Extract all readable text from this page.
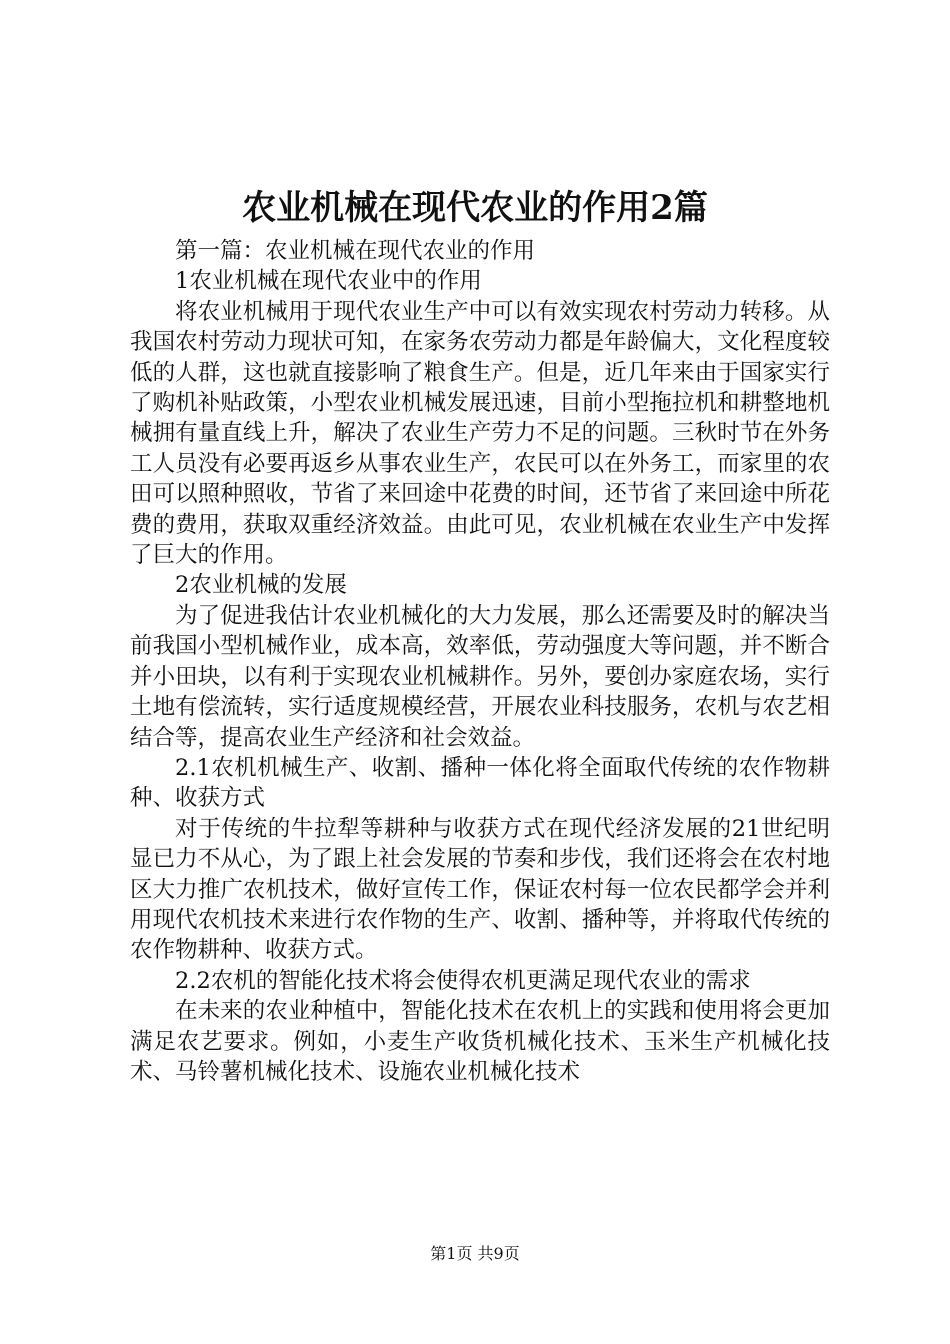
农业机械在现代农业的作用2篇

第一篇：农业机械在现代农业的作用

1农业机械在现代农业中的作用

将农业机械用于现代农业生产中可以有效实现农村劳动力转移。从我国农村劳动力现状可知，在家务农劳动力都是年龄偏大，文化程度较低的人群，这也就直接影响了粮食生产。但是，近几年来由于国家实行了购机补贴政策，小型农业机械发展迅速，目前小型拖拉机和耕整地机械拥有量直线上升，解决了农业生产劳力不足的问题。三秋时节在外务工人员没有必要再返乡从事农业生产，农民可以在外务工，而家里的农田可以照种照收，节省了来回途中花费的时间，还节省了来回途中所花费的费用，获取双重经济效益。由此可见，农业机械在农业生产中发挥了巨大的作用。

2农业机械的发展

为了促进我估计农业机械化的大力发展，那么还需要及时的解决当前我国小型机械作业，成本高，效率低，劳动强度大等问题，并不断合并小田块，以有利于实现农业机械耕作。另外，要创办家庭农场，实行土地有偿流转，实行适度规模经营，开展农业科技服务，农机与农艺相结合等，提高农业生产经济和社会效益。

2.1农机机械生产、收割、播种一体化将全面取代传统的农作物耕种、收获方式

对于传统的牛拉犁等耕种与收获方式在现代经济发展的21世纪明显已力不从心，为了跟上社会发展的节奏和步伐，我们还将会在农村地区大力推广农机技术，做好宣传工作，保证农村每一位农民都学会并利用现代农机技术来进行农作物的生产、收割、播种等，并将取代传统的农作物耕种、收获方式。

2.2农机的智能化技术将会使得农机更满足现代农业的需求

在未来的农业种植中，智能化技术在农机上的实践和使用将会更加满足农艺要求。例如，小麦生产收货机械化技术、玉米生产机械化技术、马铃薯机械化技术、设施农业机械化技术

第1页 共9页
